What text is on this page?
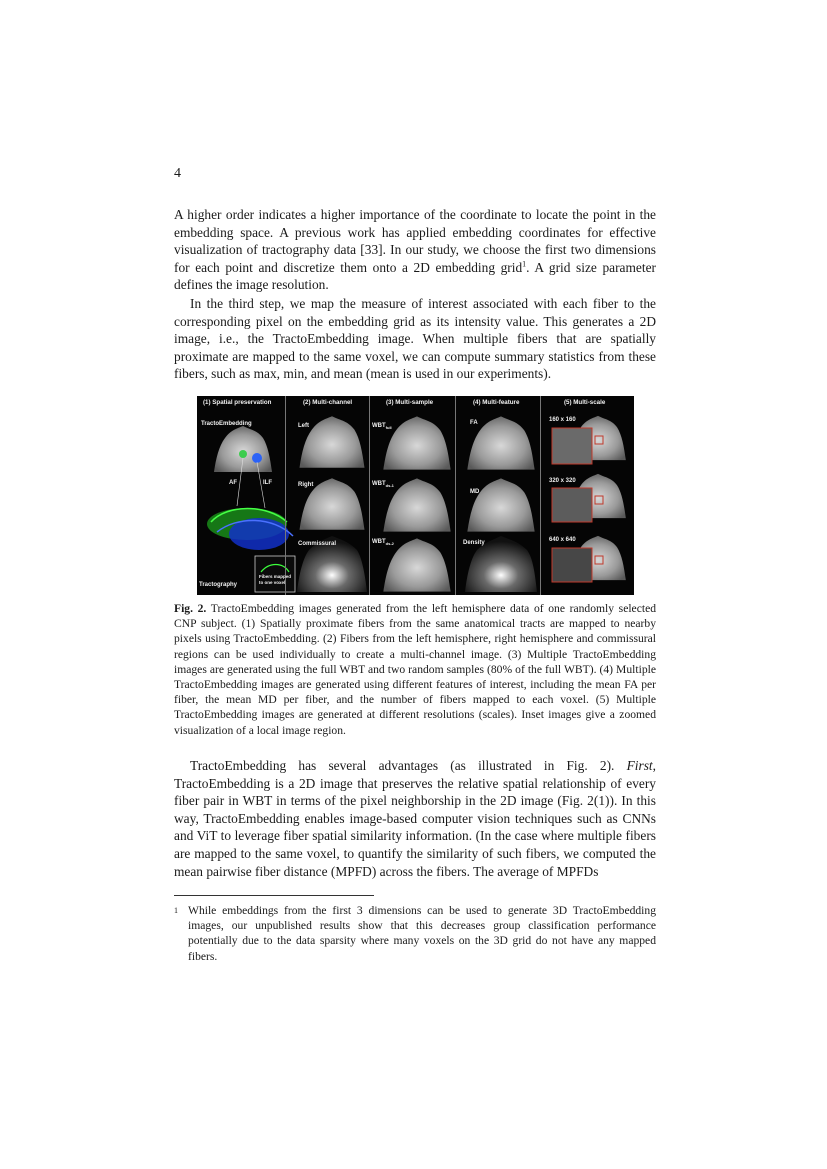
4

A higher order indicates a higher importance of the coordinate to locate the point in the embedding space. A previous work has applied embedding coordinates for effective visualization of tractography data [33]. In our study, we choose the first two dimensions for each point and discretize them onto a 2D embedding grid$^1$. A grid size parameter defines the image resolution.

In the third step, we map the measure of interest associated with each fiber to the corresponding pixel on the embedding grid as its intensity value. This generates a 2D image, i.e., the TractoEmbedding image. When multiple fibers that are spatially proximate are mapped to the same voxel, we can compute summary statistics from these fibers, such as max, min, and mean (mean is used in our experiments).

(1) Spatial preservation	(2) Multi-channel	(3) Multi-sample	(4) Multi-feature	(5) Multi-scale
TractoEmbedding
AF	ILF
Tractography
Fibers mapped
to one voxel
Left
Right
Commissural
$WBT_{full}$
$WBT_{ds-1}$
$WBT_{ds-2}$
FA
MD
Density
160 x 160
320 x 320
640 x 640

Fig. 2. TractoEmbedding images generated from the left hemisphere data of one randomly selected CNP subject. (1) Spatially proximate fibers from the same anatomical tracts are mapped to nearby pixels using TractoEmbedding. (2) Fibers from the left hemisphere, right hemisphere and commissural regions can be used individually to create a multi-channel image. (3) Multiple TractoEmbedding images are generated using the full WBT and two random samples (80% of the full WBT). (4) Multiple TractoEmbedding images are generated using different features of interest, including the mean FA per fiber, the mean MD per fiber, and the number of fibers mapped to each voxel. (5) Multiple TractoEmbedding images are generated at different resolutions (scales). Inset images give a zoomed visualization of a local image region.

TractoEmbedding has several advantages (as illustrated in Fig. 2). First, TractoEmbedding is a 2D image that preserves the relative spatial relationship of every fiber pair in WBT in terms of the pixel neighborship in the 2D image (Fig. 2(1)). In this way, TractoEmbedding enables image-based computer vision techniques such as CNNs and ViT to leverage fiber spatial similarity information. (In the case where multiple fibers are mapped to the same voxel, to quantify the similarity of such fibers, we computed the mean pairwise fiber distance (MPFD) across the fibers. The average of MPFDs

1 While embeddings from the first 3 dimensions can be used to generate 3D TractoEmbedding images, our unpublished results show that this decreases group classification performance potentially due to the data sparsity where many voxels on the 3D grid do not have any mapped fibers.
